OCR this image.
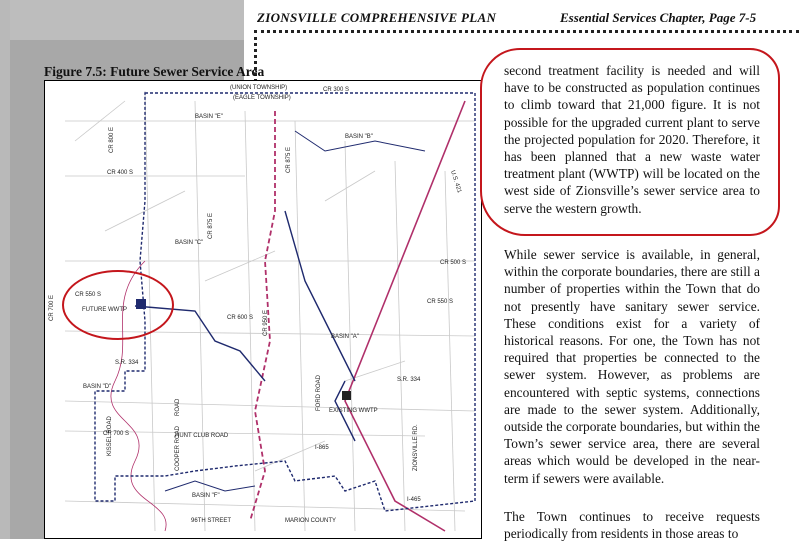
ZIONSVILLE COMPREHENSIVE PLAN	Essential Services Chapter, Page 7-5
Figure 7.5: Future Sewer Service Area
(UNION TOWNSHIP)
(EAGLE TOWNSHIP)
CR 300 S
CR 400 S
CR 500 S
CR 550 S
CR 550 S
CR 600 S
CR 700 S
CR 700 E
CR 800 E
CR 875 E
CR 875 E
CR 950 E
U.S. 421
S.R. 334
S.R. 334
BASIN "A"
BASIN "B"
BASIN "C"
BASIN "D"
BASIN "E"
BASIN "F"
FUTURE WWTP
EXISTING WWTP
HUNT CLUB ROAD
FORD ROAD
ZIONSVILLE RD.
KISSEL ROAD	COOPER ROAD
ROAD
I-865
I-465
96TH STREET	MARION COUNTY
second treatment facility is needed and will have to be constructed as population continues to climb toward that 21,000 figure. It is not possible for the upgraded current plant to serve the projected population for 2020. Therefore, it has been planned that a new waste water treatment plant (WWTP) will be located on the west side of Zionsville’s sewer service area to serve the western growth.
While sewer service is available, in general, within the corporate boundaries, there are still a number of properties within the Town that do not presently have sanitary sewer service. These conditions exist for a variety of historical reasons. For one, the Town has not required that properties be connected to the sewer system. However, as problems are encountered with septic systems, connections are made to the sewer system. Additionally, outside the corporate boundaries, but within the Town’s sewer service area, there are several areas which would be developed in the near-term if sewers were available.
The Town continues to receive requests periodically from residents in those areas to
